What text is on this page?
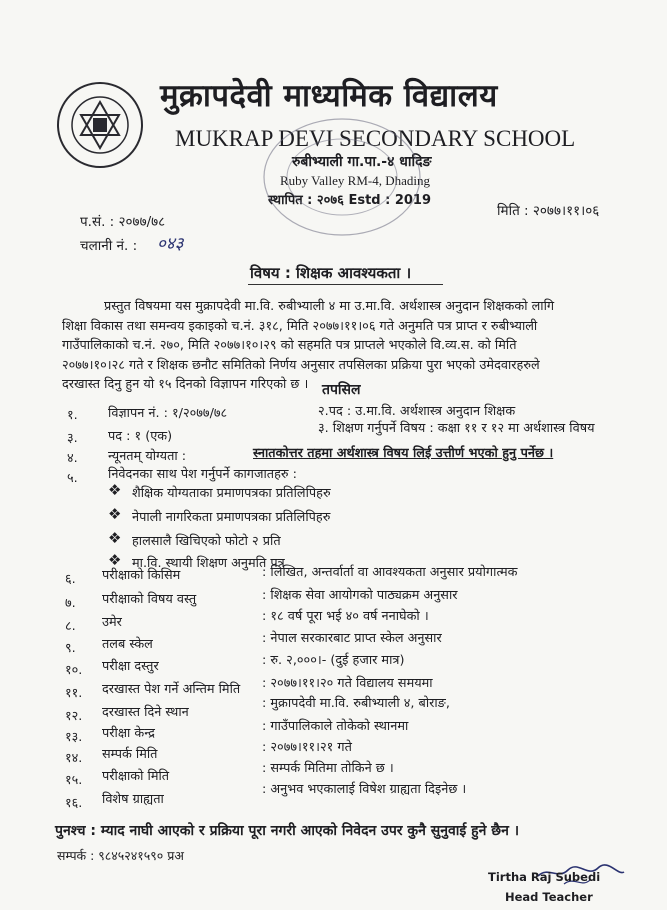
मुक्रापदेवी माध्यमिक विद्यालय
MUKRAP DEVI SECONDARY SCHOOL
रुबीभ्याली गा.पा.-४ धादिङ
Ruby Valley RM-4, Dhading
स्थापित : २०७६ Estd : 2019
प.सं. : २०७७/७८
चलानी नं. : ०४३
मिति : २०७७।११।०६
विषय : शिक्षक आवश्यकता ।
प्रस्तुत विषयमा यस मुक्रापदेवी मा.वि. रुबीभ्याली ४ मा उ.मा.वि. अर्थशास्त्र अनुदान शिक्षकको लागि
शिक्षा विकास तथा समन्वय इकाइको च.नं. ३१८, मिति २०७७।११।०६ गते अनुमति पत्र प्राप्त र रुबीभ्याली
गाउँपालिकाको च.नं. २७०, मिति २०७७।१०।२९ को सहमति पत्र प्राप्तले भएकोले वि.व्य.स. को मिति
२०७७।१०।२८ गते र शिक्षक छनौट समितिको निर्णय अनुसार तपसिलका प्रक्रिया पुरा भएको उमेदवारहरुले
दरखास्त दिनु हुन यो १५ दिनको विज्ञापन गरिएको छ । तपसिल
१. विज्ञापन नं. : १/२०७७/७८	२.पद : उ.मा.वि. अर्थशास्त्र अनुदान शिक्षक
३. पद : १ (एक)
३. शिक्षण गर्नुपर्ने विषय : कक्षा ११ र १२ मा अर्थशास्त्र विषय
४. न्यूनतम् योग्यता :	स्नातकोत्तर तहमा अर्थशास्त्र विषय लिई उत्तीर्ण भएको हुनु पर्नेछ ।
५. निवेदनका साथ पेश गर्नुपर्ने कागजातहरु :
❖ शैक्षिक योग्यताका प्रमाणपत्रका प्रतिलिपिहरु
❖ नेपाली नागरिकता प्रमाणपत्रका प्रतिलिपिहरु
❖ हालसालै खिचिएको फोटो २ प्रति
❖ मा.वि. स्थायी शिक्षण अनुमति पत्र
६. परीक्षाको किसिम	: लिखित, अन्तर्वार्ता वा आवश्यकता अनुसार प्रयोगात्मक
७. परीक्षाको विषय वस्तु	: शिक्षक सेवा आयोगको पाठ्यक्रम अनुसार
८. उमेर	: १८ वर्ष पूरा भई ४० वर्ष ननाघेको ।
९. तलब स्केल	: नेपाल सरकारबाट प्राप्त स्केल अनुसार
१०. परीक्षा दस्तुर	: रु. २,०००।- (दुई हजार मात्र)
११. दरखास्त पेश गर्ने अन्तिम मिति : २०७७।११।२० गते विद्यालय समयमा
१२. दरखास्त दिने स्थान
: मुक्रापदेवी मा.वि. रुबीभ्याली ४, बोराङ,
१३. परीक्षा केन्द्र	: गाउँपालिकाले तोकेको स्थानमा
१४. सम्पर्क मिति	: २०७७।११।२१ गते
१५. परीक्षाको मिति
: सम्पर्क मितिमा तोकिने छ ।
१६. विशेष ग्राह्यता
: अनुभव भएकालाई विषेश ग्राह्यता दिइनेछ ।
पुनश्च : म्याद नाघी आएको र प्रक्रिया पूरा नगरी आएको निवेदन उपर कुनै सुनुवाई हुने छैन ।
सम्पर्क : ९८४५२४१५९० प्रअ
Tirtha Raj Subedi
Head Teacher
